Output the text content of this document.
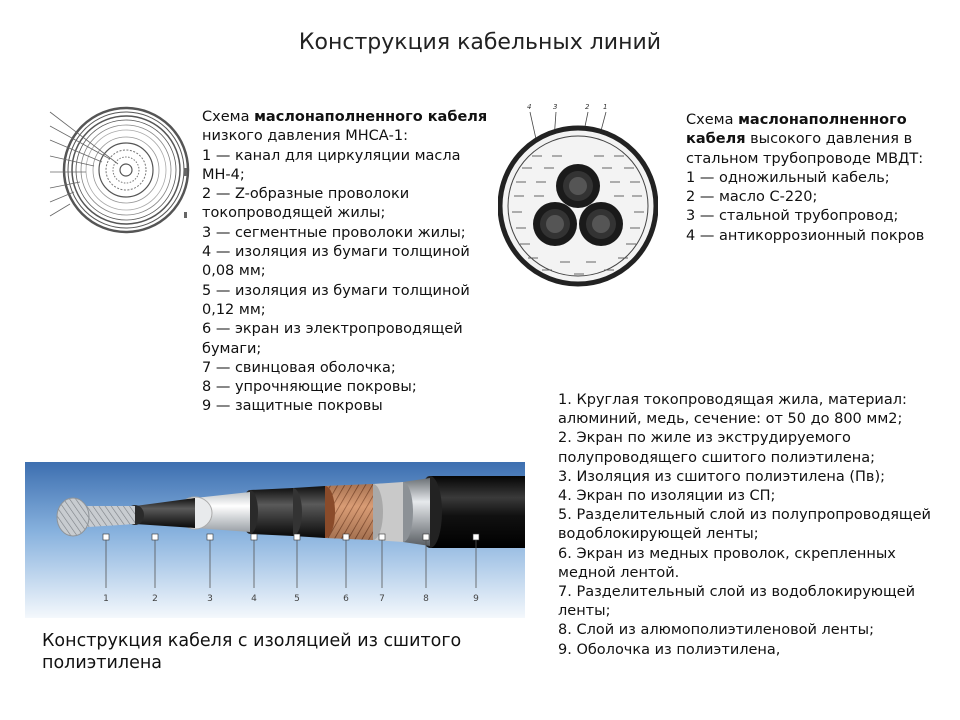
Конструкция кабельных линий

Схема маслонаполненного кабеля низкого давления МНСА-1:

1 — канал для циркуляции масла МН-4;

2 — Z-образные проволоки токопроводящей жилы;

3 — сегментные проволоки жилы;

4 — изоляция из бумаги толщиной 0,08 мм;

5 — изоляция из бумаги толщиной 0,12 мм;

6 — экран из электропроводящей бумаги;

7 — свинцовая оболочка;

8 — упрочняющие покровы;

9 — защитные покровы

4	3	2 1

Схема маслонаполненного кабеля высокого давления в стальном трубопроводе МВДТ:

1 — одножильный кабель;

2 — масло С-220;

3 — стальной трубопровод;

4 — антикоррозионный покров

1	2	3	4	5	6	7	8	9

1. Круглая токопроводящая жила, материал: алюминий, медь, сечение: от 50 до 800 мм2;

2. Экран по жиле из экструдируемого полупроводящего сшитого полиэтилена;

3. Изоляция из сшитого полиэтилена (Пв);

4. Экран по изоляции из СП;

5. Разделительный слой из полупропроводящей водоблокирующей ленты;

6. Экран из медных проволок, скрепленных медной лентой.

7. Разделительный слой из водоблокирующей ленты;

8. Слой из алюмополиэтиленовой ленты;

9. Оболочка из полиэтилена,

Конструкция кабеля с изоляцией из сшитого полиэтилена
